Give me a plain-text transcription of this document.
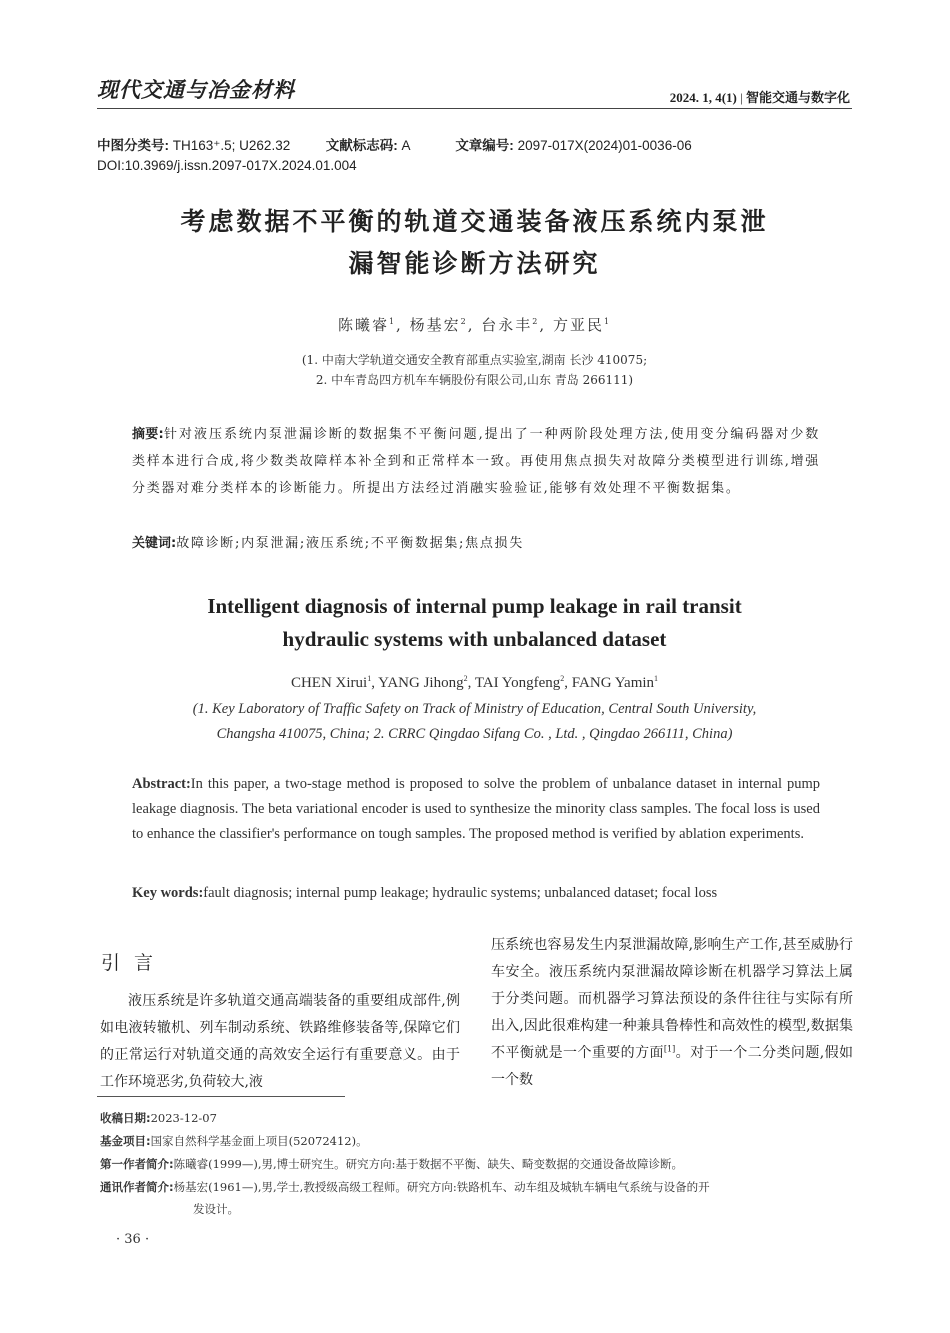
现代交通与冶金材料	2024. 1, 4(1) | 智能交通与数字化
中图分类号: TH163⁺.5; U262.32	文献标志码: A	文章编号: 2097-017X(2024)01-0036-06
DOI:10.3969/j.issn.2097-017X.2024.01.004
考虑数据不平衡的轨道交通装备液压系统内泵泄
漏智能诊断方法研究
陈曦睿$^1$, 杨基宏$^2$, 台永丰$^2$, 方亚民$^1$
(1. 中南大学轨道交通安全教育部重点实验室,湖南 长沙 410075;
2. 中车青岛四方机车车辆股份有限公司,山东 青岛 266111)
摘要:针对液压系统内泵泄漏诊断的数据集不平衡问题,提出了一种两阶段处理方法,使用变分编码器对少数类样本进行合成,将少数类故障样本补全到和正常样本一致。再使用焦点损失对故障分类模型进行训练,增强分类器对难分类样本的诊断能力。所提出方法经过消融实验验证,能够有效处理不平衡数据集。
关键词:故障诊断;内泵泄漏;液压系统;不平衡数据集;焦点损失
Intelligent diagnosis of internal pump leakage in rail transit
hydraulic systems with unbalanced dataset
CHEN Xirui$^1$, YANG Jihong$^2$, TAI Yongfeng$^2$, FANG Yamin$^1$
(1. Key Laboratory of Traffic Safety on Track of Ministry of Education, Central South University,
Changsha 410075, China; 2. CRRC Qingdao Sifang Co. , Ltd. , Qingdao 266111, China)
Abstract:In this paper, a two-stage method is proposed to solve the problem of unbalance dataset in internal pump leakage diagnosis. The beta variational encoder is used to synthesize the minority class samples. The focal loss is used to enhance the classifier's performance on tough samples. The proposed method is verified by ablation experiments.
Key words:fault diagnosis; internal pump leakage; hydraulic systems; unbalanced dataset; focal loss
引言
液压系统是许多轨道交通高端装备的重要组成部件,例如电液转辙机、列车制动系统、铁路维修装备等,保障它们的正常运行对轨道交通的高效安全运行有重要意义。由于工作环境恶劣,负荷较大,液
压系统也容易发生内泵泄漏故障,影响生产工作,甚至威胁行车安全。液压系统内泵泄漏故障诊断在机器学习算法上属于分类问题。而机器学习算法预设的条件往往与实际有所出入,因此很难构建一种兼具鲁棒性和高效性的模型,数据集不平衡就是一个重要的方面[1]。对于一个二分类问题,假如一个数
收稿日期:2023-12-07
基金项目:国家自然科学基金面上项目(52072412)。
第一作者简介:陈曦睿(1999—),男,博士研究生。研究方向:基于数据不平衡、缺失、畸变数据的交通设备故障诊断。
通讯作者简介:杨基宏(1961—),男,学士,教授级高级工程师。研究方向:铁路机车、动车组及城轨车辆电气系统与设备的开
发设计。
· 36 ·
